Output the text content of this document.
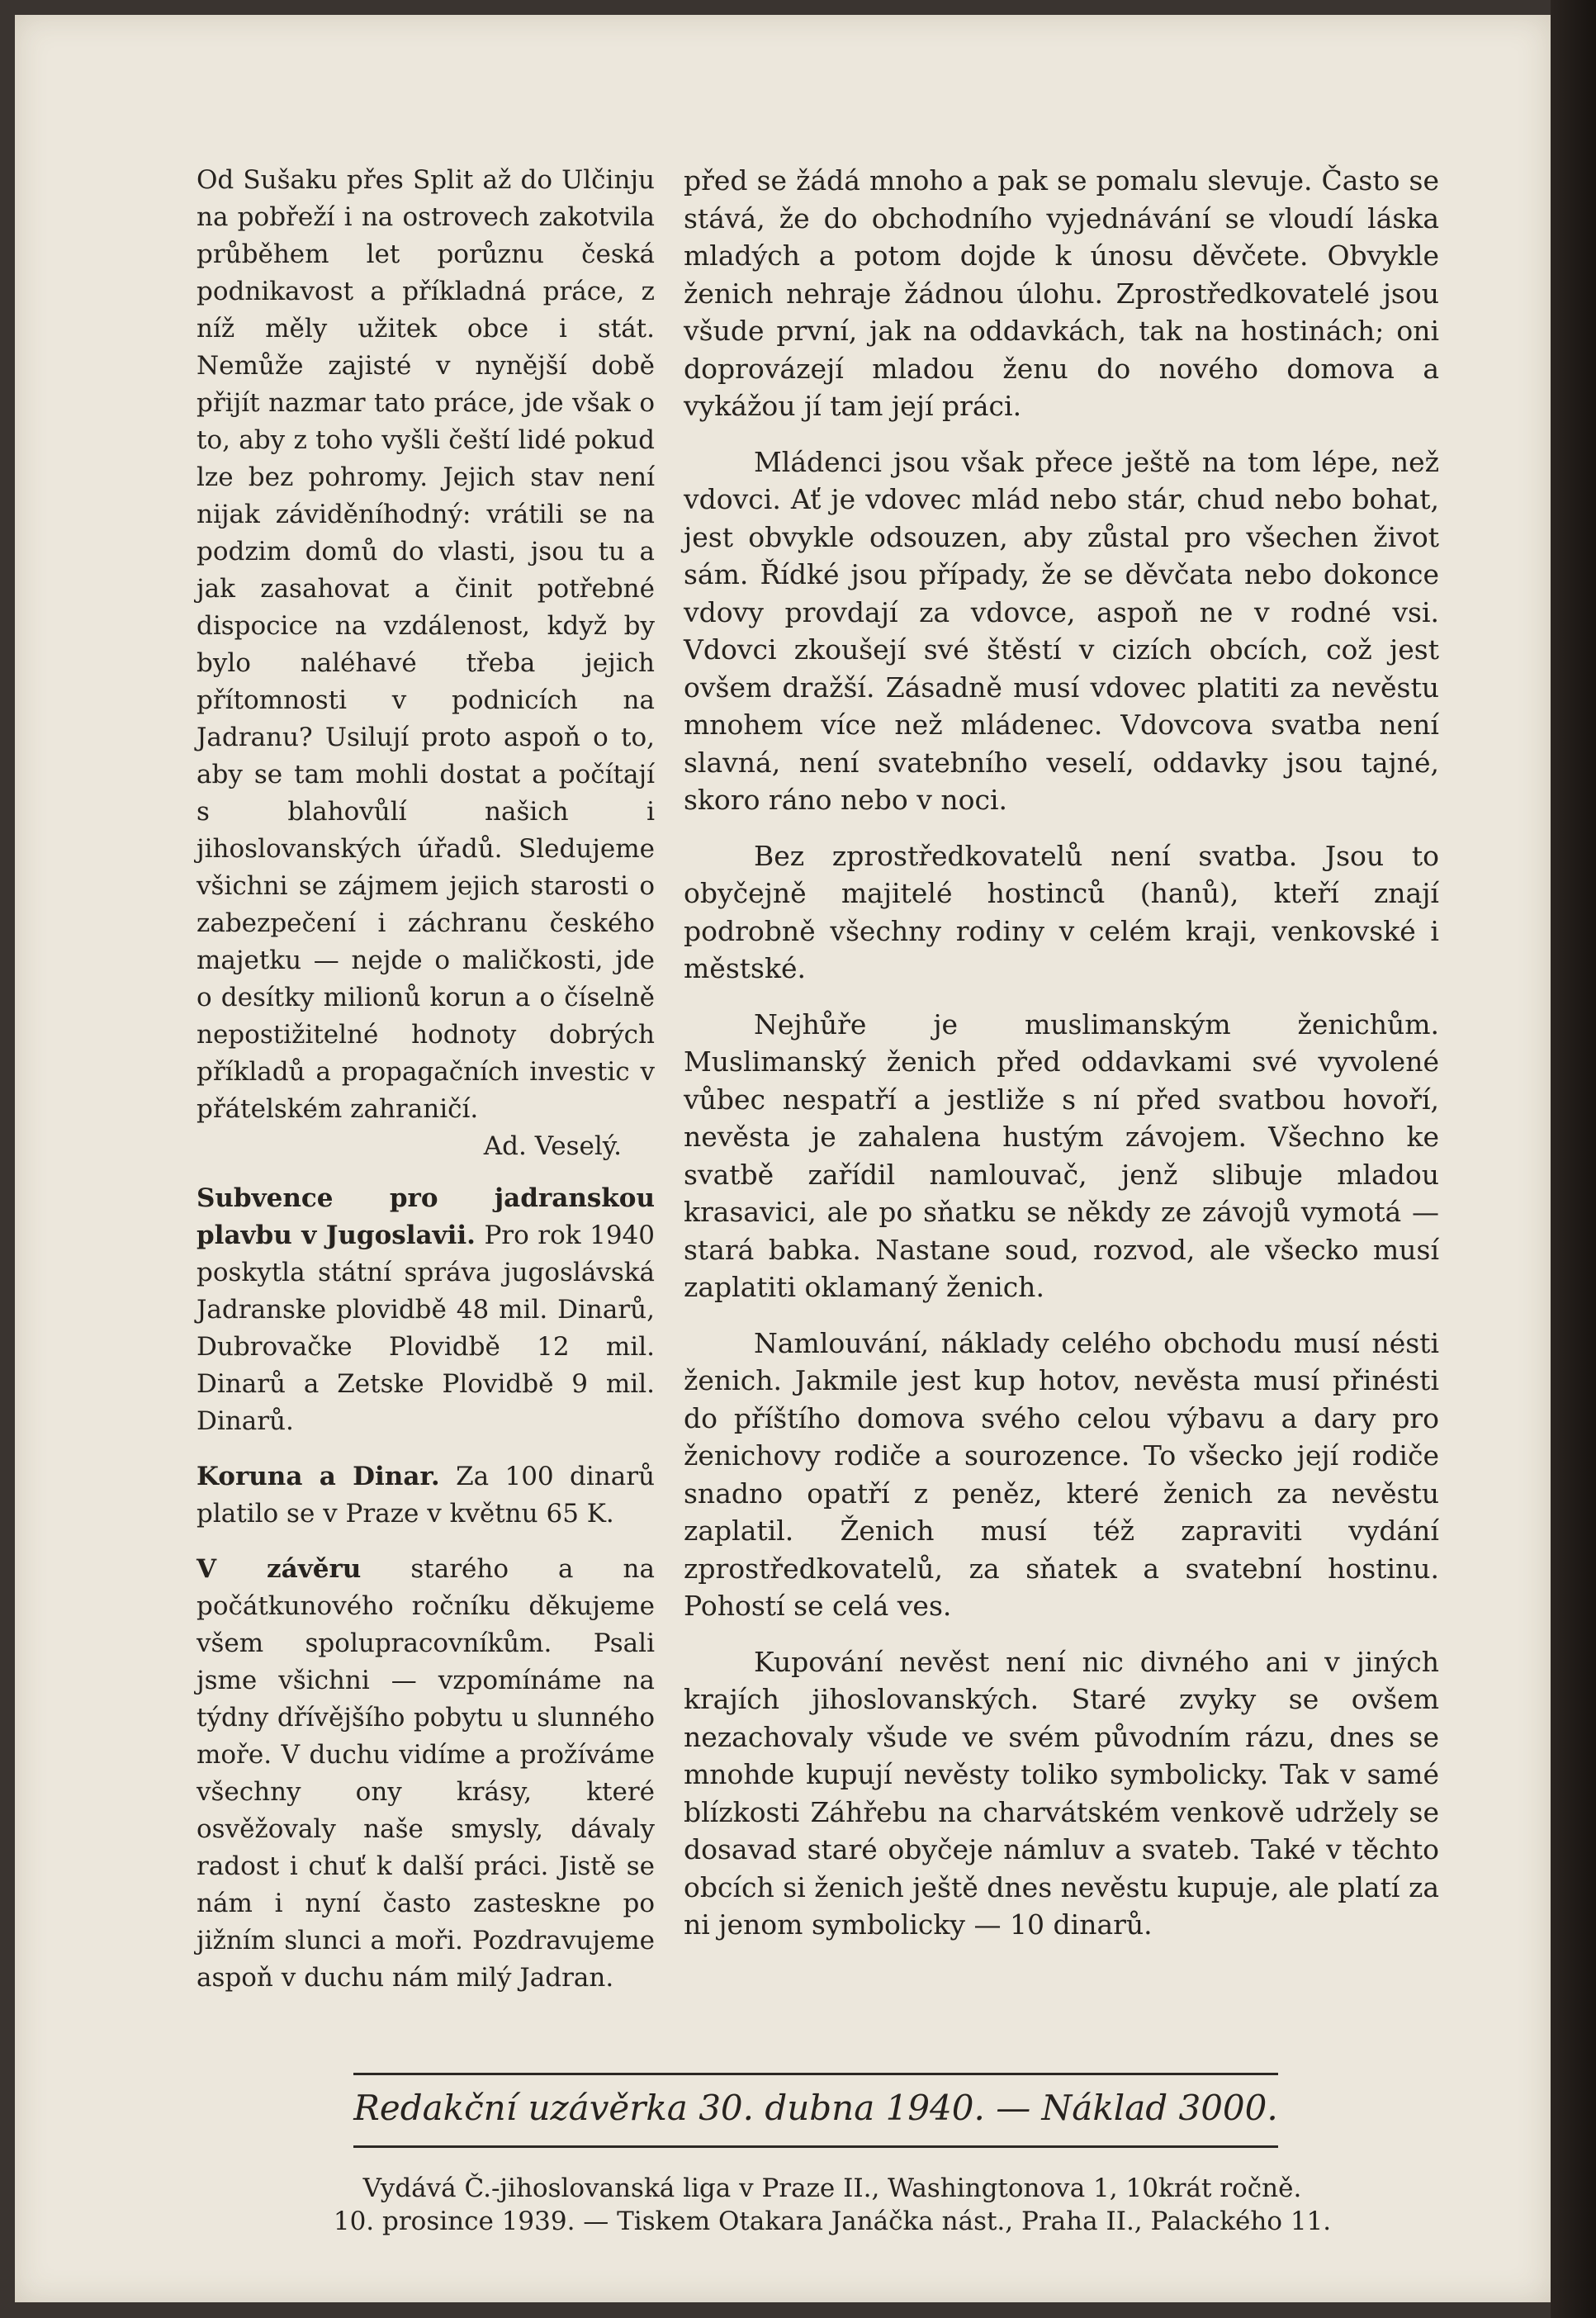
Od Sušaku přes Split až do Ulčinju na pobřeží i na ostrovech zakotvila průběhem let porůznu česká podnikavost a příkladná práce, z níž měly užitek obce i stát. Nemůže zajisté v nynější době přijít nazmar tato práce, jde však o to, aby z toho vyšli čeští lidé pokud lze bez pohromy. Jejich stav není nijak záviděníhodný: vrátili se na podzim domů do vlasti, jsou tu a jak zasahovat a činit potřebné dispocice na vzdálenost, když by bylo naléhavé třeba jejich přítomnosti v podnicích na Jadranu? Usilují proto aspoň o to, aby se tam mohli dostat a počítají s blahovůlí našich i jihoslovanských úřadů. Sledujeme všichni se zájmem jejich starosti o zabezpečení i záchranu českého majetku — nejde o maličkosti, jde o desítky milionů korun a o číselně nepostižitelné hodnoty dobrých příkladů a propagačních investic v přátelském zahraničí.
Ad. Veselý.

Subvence pro jadranskou plavbu v Jugoslavii. Pro rok 1940 poskytla státní správa jugoslávská Jadranske plovidbě 48 mil. Dinarů, Dubrovačke Plovidbě 12 mil. Dinarů a Zetske Plovidbě 9 mil. Dinarů.

Koruna a Dinar. Za 100 dinarů platilo se v Praze v květnu 65 K.

V závěru starého a na počátkunového ročníku děkujeme všem spolupracovníkům. Psali jsme všichni — vzpomínáme na týdny dřívějšího pobytu u slunného moře. V duchu vidíme a prožíváme všechny ony krásy, které osvěžovaly naše smysly, dávaly radost i chuť k další práci. Jistě se nám i nyní často zasteskne po jižním slunci a moři. Pozdravujeme aspoň v duchu nám milý Jadran.

před se žádá mnoho a pak se pomalu slevuje. Často se stává, že do obchodního vyjednávání se vloudí láska mladých a potom dojde k únosu děvčete. Obvykle ženich nehraje žádnou úlohu. Zprostředkovatelé jsou všude první, jak na oddavkách, tak na hostinách; oni doprovázejí mladou ženu do nového domova a vykážou jí tam její práci.

Mládenci jsou však přece ještě na tom lépe, než vdovci. Ať je vdovec mlád nebo stár, chud nebo bohat, jest obvykle odsouzen, aby zůstal pro všechen život sám. Řídké jsou případy, že se děvčata nebo dokonce vdovy provdají za vdovce, aspoň ne v rodné vsi. Vdovci zkoušejí své štěstí v cizích obcích, což jest ovšem dražší. Zásadně musí vdovec platiti za nevěstu mnohem více než mládenec. Vdovcova svatba není slavná, není svatebního veselí, oddavky jsou tajné, skoro ráno nebo v noci.

Bez zprostředkovatelů není svatba. Jsou to obyčejně majitelé hostinců (hanů), kteří znají podrobně všechny rodiny v celém kraji, venkovské i městské.

Nejhůře je muslimanským ženichům. Muslimanský ženich před oddavkami své vyvolené vůbec nespatří a jestliže s ní před svatbou hovoří, nevěsta je zahalena hustým závojem. Všechno ke svatbě zařídil namlouvač, jenž slibuje mladou krasavici, ale po sňatku se někdy ze závojů vymotá — stará babka. Nastane soud, rozvod, ale všecko musí zaplatiti oklamaný ženich.

Namlouvání, náklady celého obchodu musí nésti ženich. Jakmile jest kup hotov, nevěsta musí přinésti do příštího domova svého celou výbavu a dary pro ženichovy rodiče a sourozence. To všecko její rodiče snadno opatří z peněz, které ženich za nevěstu zaplatil. Ženich musí též zapraviti vydání zprostředkovatelů, za sňatek a svatební hostinu. Pohostí se celá ves.

Kupování nevěst není nic divného ani v jiných krajích jihoslovanských. Staré zvyky se ovšem nezachovaly všude ve svém původním rázu, dnes se mnohde kupují nevěsty toliko symbolicky. Tak v samé blízkosti Záhřebu na charvátském venkově udržely se dosavad staré obyčeje námluv a svateb. Také v těchto obcích si ženich ještě dnes nevěstu kupuje, ale platí za ni jenom symbolicky — 10 dinarů.

Redakční uzávěrka 30. dubna 1940. — Náklad 3000.
Vydává Č.-jihoslovanská liga v Praze II., Washingtonova 1, 10krát ročně.
10. prosince 1939. — Tiskem Otakara Janáčka nást., Praha II., Palackého 11.
